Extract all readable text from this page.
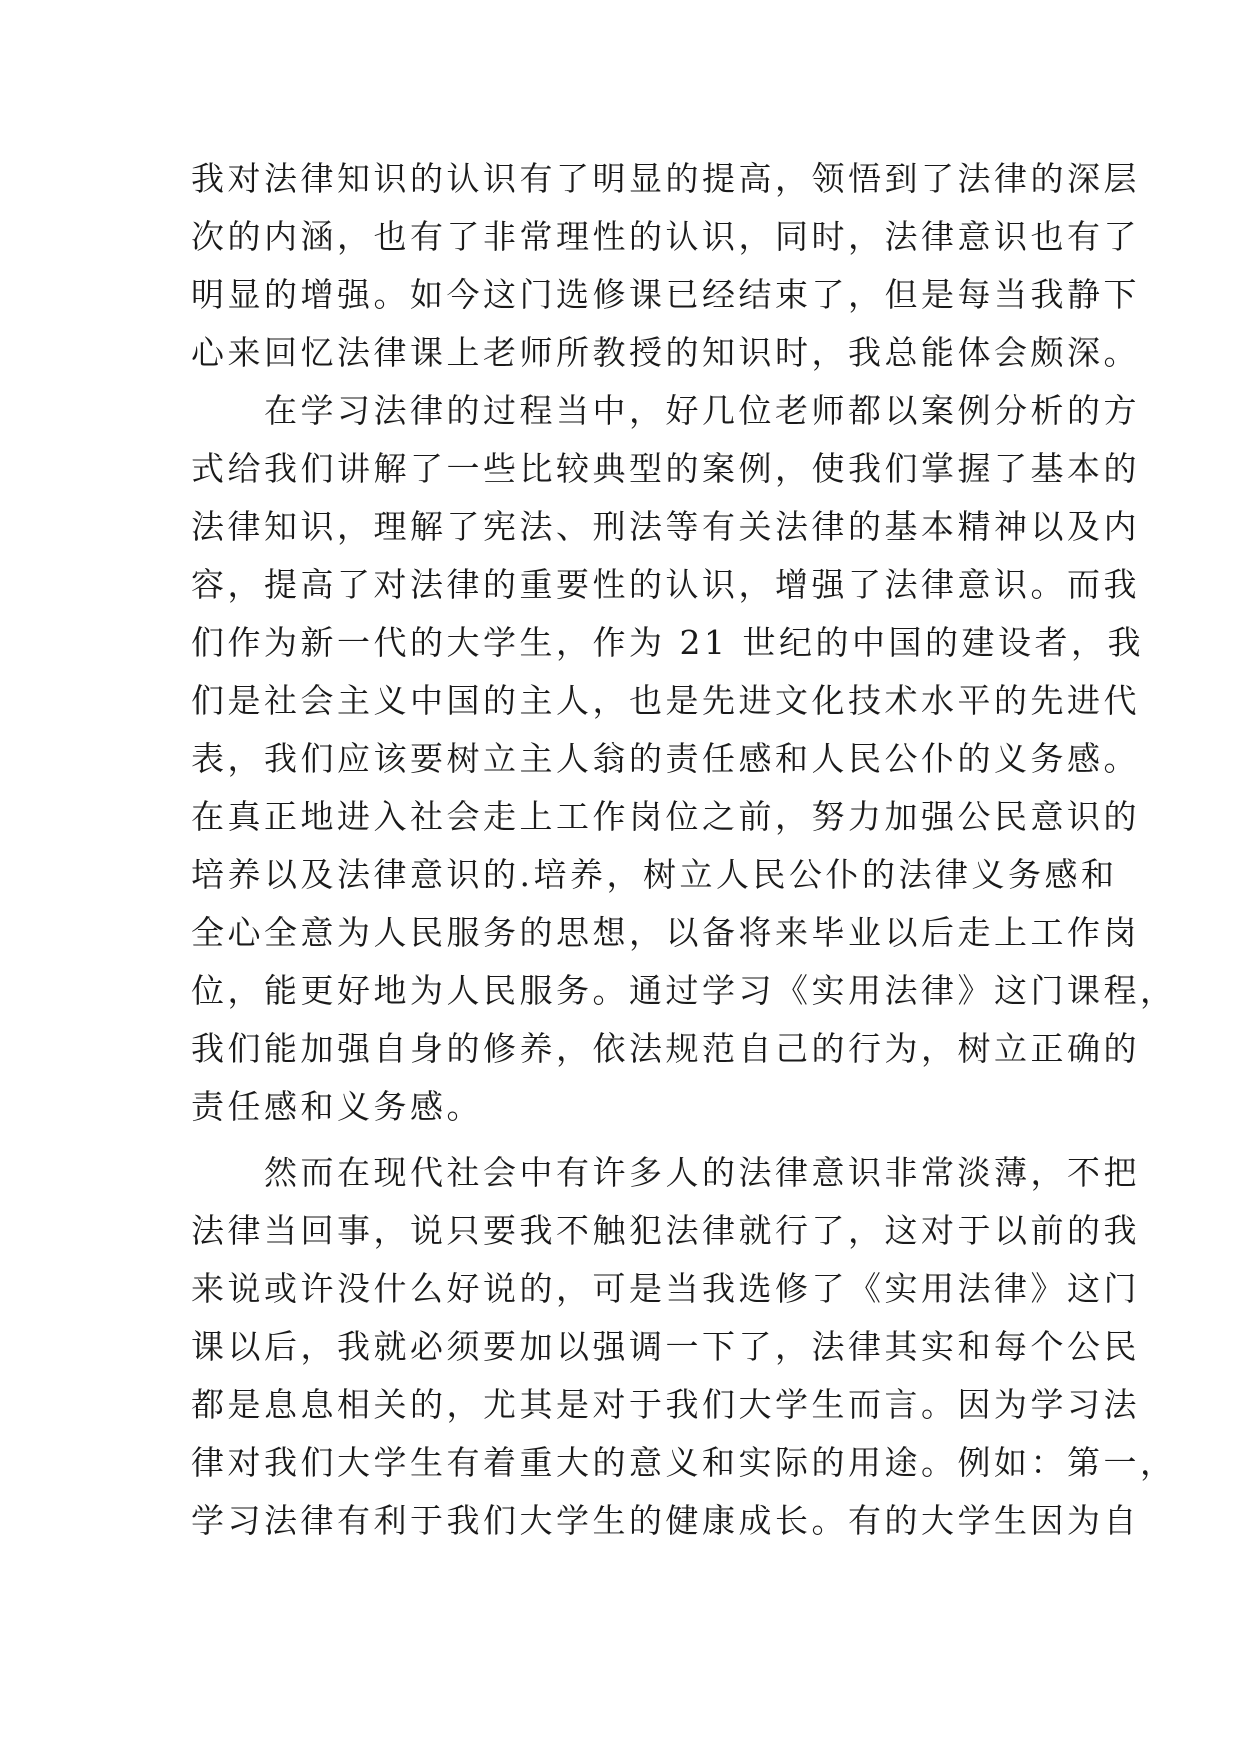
我对法律知识的认识有了明显的提高，领悟到了法律的深层
次的内涵，也有了非常理性的认识，同时，法律意识也有了
明显的增强。如今这门选修课已经结束了，但是每当我静下
心来回忆法律课上老师所教授的知识时，我总能体会颇深。
　　在学习法律的过程当中，好几位老师都以案例分析的方
式给我们讲解了一些比较典型的案例，使我们掌握了基本的
法律知识，理解了宪法、刑法等有关法律的基本精神以及内
容，提高了对法律的重要性的认识，增强了法律意识。而我
们作为新一代的大学生，作为 21 世纪的中国的建设者，我
们是社会主义中国的主人，也是先进文化技术水平的先进代
表，我们应该要树立主人翁的责任感和人民公仆的义务感。
在真正地进入社会走上工作岗位之前，努力加强公民意识的
培养以及法律意识的.培养，树立人民公仆的法律义务感和
全心全意为人民服务的思想，以备将来毕业以后走上工作岗
位，能更好地为人民服务。通过学习《实用法律》这门课程，
我们能加强自身的修养，依法规范自己的行为，树立正确的
责任感和义务感。
　　然而在现代社会中有许多人的法律意识非常淡薄，不把
法律当回事，说只要我不触犯法律就行了，这对于以前的我
来说或许没什么好说的，可是当我选修了《实用法律》这门
课以后，我就必须要加以强调一下了，法律其实和每个公民
都是息息相关的，尤其是对于我们大学生而言。因为学习法
律对我们大学生有着重大的意义和实际的用途。例如：第一，
学习法律有利于我们大学生的健康成长。有的大学生因为自
